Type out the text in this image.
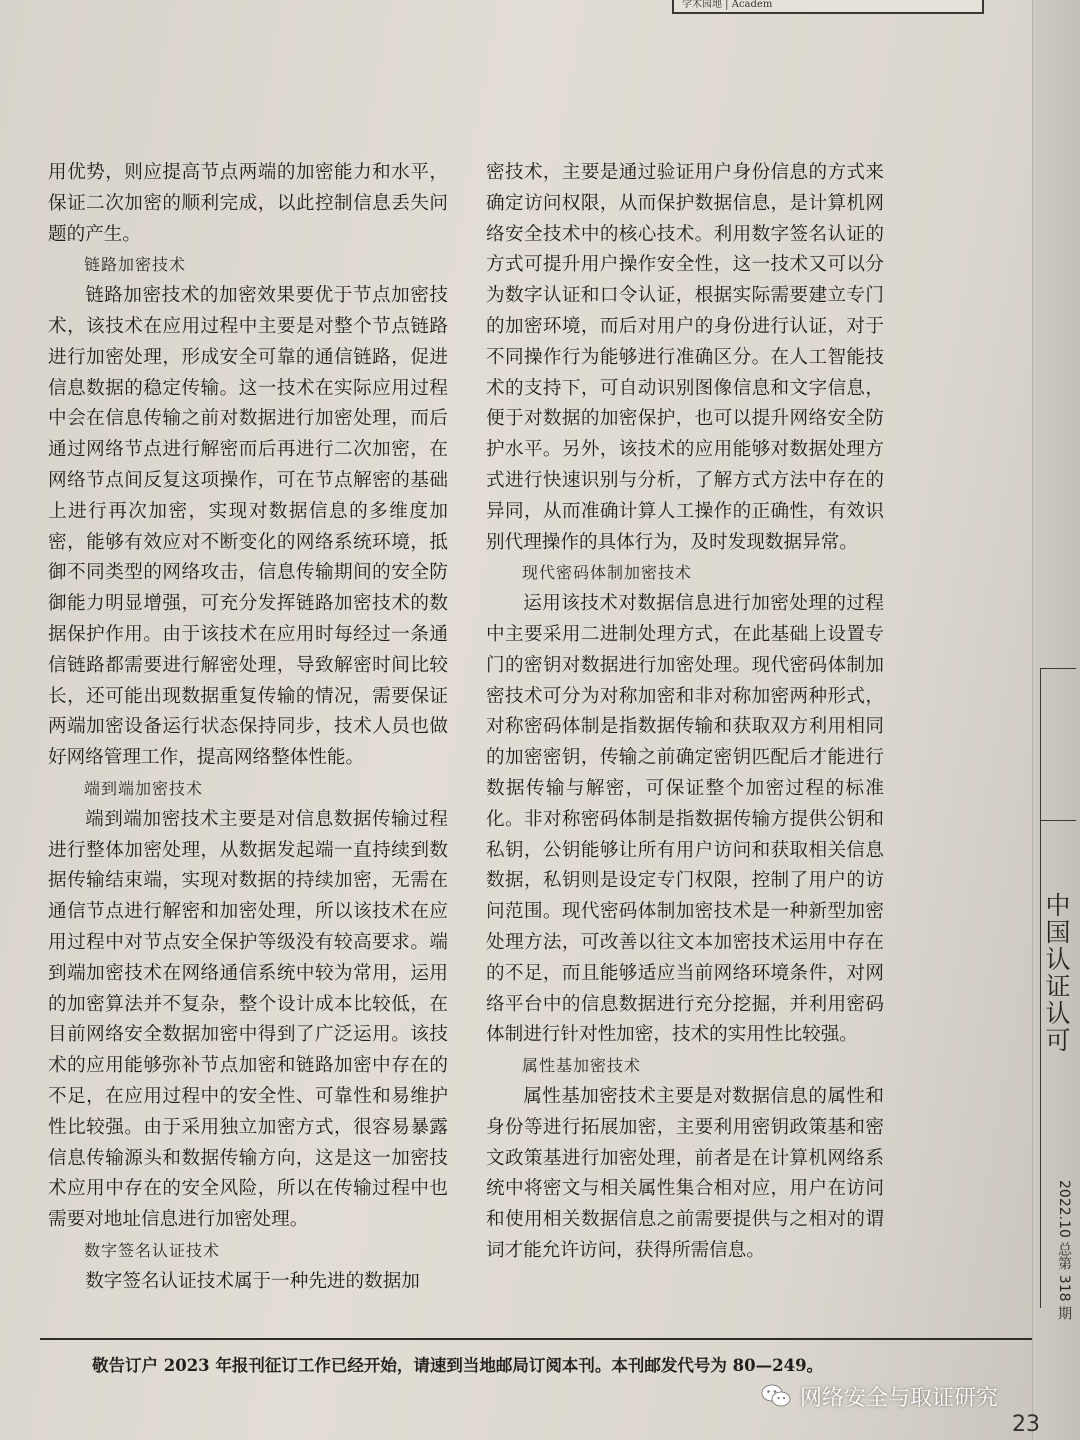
学术园地 | Academ
中国认证认可
2022.10 总第 318 期

用优势，则应提高节点两端的加密能力和水平，保证二次加密的顺利完成，以此控制信息丢失问题的产生。

链路加密技术

链路加密技术的加密效果要优于节点加密技术，该技术在应用过程中主要是对整个节点链路进行加密处理，形成安全可靠的通信链路，促进信息数据的稳定传输。这一技术在实际应用过程中会在信息传输之前对数据进行加密处理，而后通过网络节点进行解密而后再进行二次加密，在网络节点间反复这项操作，可在节点解密的基础上进行再次加密，实现对数据信息的多维度加密，能够有效应对不断变化的网络系统环境，抵御不同类型的网络攻击，信息传输期间的安全防御能力明显增强，可充分发挥链路加密技术的数据保护作用。由于该技术在应用时每经过一条通信链路都需要进行解密处理，导致解密时间比较长，还可能出现数据重复传输的情况，需要保证两端加密设备运行状态保持同步，技术人员也做好网络管理工作，提高网络整体性能。

端到端加密技术

端到端加密技术主要是对信息数据传输过程进行整体加密处理，从数据发起端一直持续到数据传输结束端，实现对数据的持续加密，无需在通信节点进行解密和加密处理，所以该技术在应用过程中对节点安全保护等级没有较高要求。端到端加密技术在网络通信系统中较为常用，运用的加密算法并不复杂，整个设计成本比较低，在目前网络安全数据加密中得到了广泛运用。该技术的应用能够弥补节点加密和链路加密中存在的不足，在应用过程中的安全性、可靠性和易维护性比较强。由于采用独立加密方式，很容易暴露信息传输源头和数据传输方向，这是这一加密技术应用中存在的安全风险，所以在传输过程中也需要对地址信息进行加密处理。

数字签名认证技术

数字签名认证技术属于一种先进的数据加

密技术，主要是通过验证用户身份信息的方式来确定访问权限，从而保护数据信息，是计算机网络安全技术中的核心技术。利用数字签名认证的方式可提升用户操作安全性，这一技术又可以分为数字认证和口令认证，根据实际需要建立专门的加密环境，而后对用户的身份进行认证，对于不同操作行为能够进行准确区分。在人工智能技术的支持下，可自动识别图像信息和文字信息，便于对数据的加密保护，也可以提升网络安全防护水平。另外，该技术的应用能够对数据处理方式进行快速识别与分析，了解方式方法中存在的异同，从而准确计算人工操作的正确性，有效识别代理操作的具体行为，及时发现数据异常。

现代密码体制加密技术

运用该技术对数据信息进行加密处理的过程中主要采用二进制处理方式，在此基础上设置专门的密钥对数据进行加密处理。现代密码体制加密技术可分为对称加密和非对称加密两种形式，对称密码体制是指数据传输和获取双方利用相同的加密密钥，传输之前确定密钥匹配后才能进行数据传输与解密，可保证整个加密过程的标准化。非对称密码体制是指数据传输方提供公钥和私钥，公钥能够让所有用户访问和获取相关信息数据，私钥则是设定专门权限，控制了用户的访问范围。现代密码体制加密技术是一种新型加密处理方法，可改善以往文本加密技术运用中存在的不足，而且能够适应当前网络环境条件，对网络平台中的信息数据进行充分挖掘，并利用密码体制进行针对性加密，技术的实用性比较强。

属性基加密技术

属性基加密技术主要是对数据信息的属性和身份等进行拓展加密，主要利用密钥政策基和密文政策基进行加密处理，前者是在计算机网络系统中将密文与相关属性集合相对应，用户在访问和使用相关数据信息之前需要提供与之相对的谓词才能允许访问，获得所需信息。

敬告订户 2023 年报刊征订工作已经开始，请速到当地邮局订阅本刊。本刊邮发代号为 80—249。
网络安全与取证研究
23
